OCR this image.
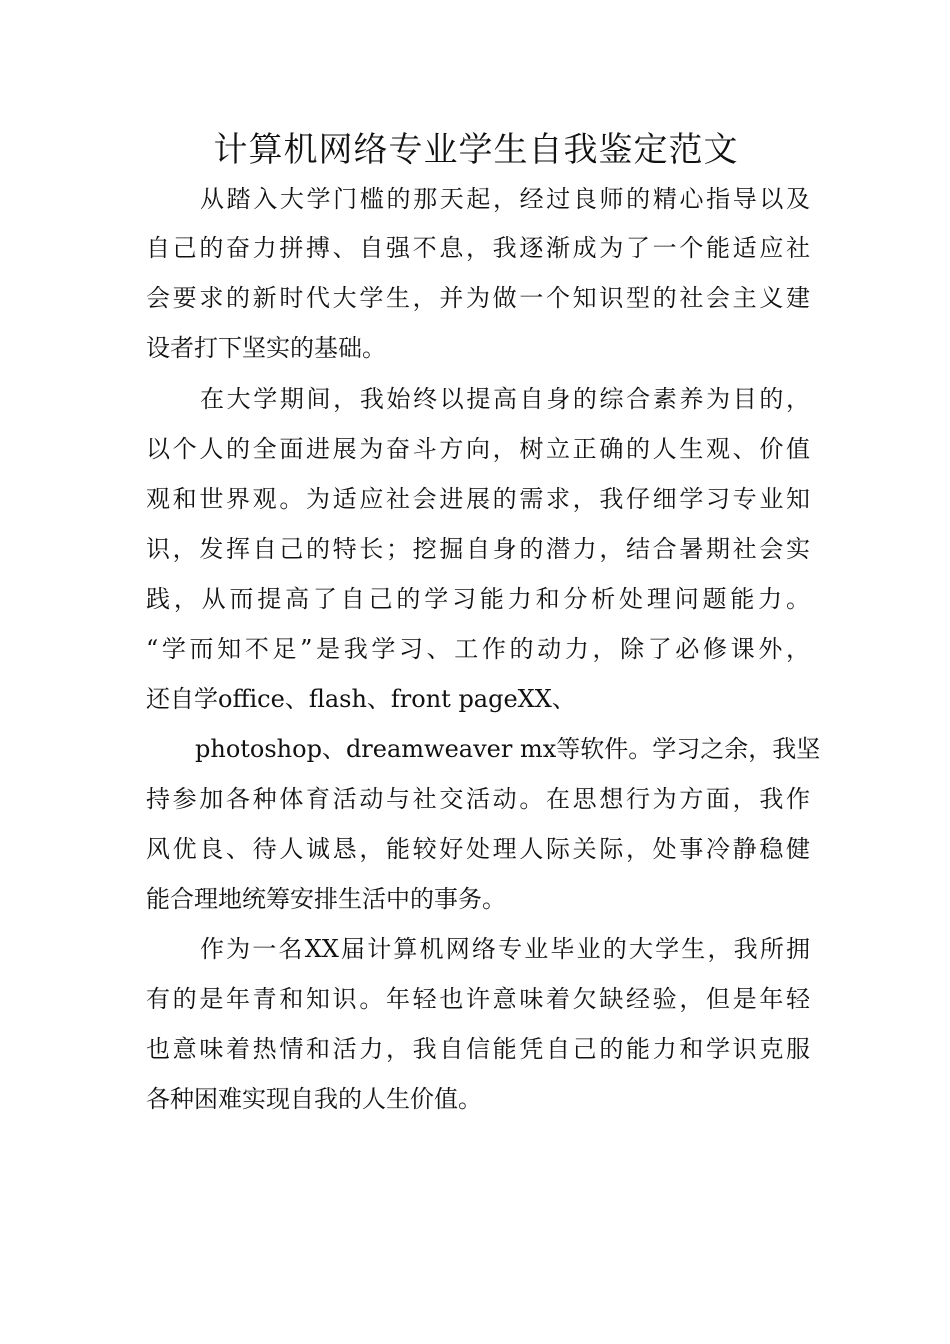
计算机网络专业学生自我鉴定范文

从踏入大学门槛的那天起，经过良师的精心指导以及

自己的奋力拼搏、自强不息，我逐渐成为了一个能适应社

会要求的新时代大学生，并为做一个知识型的社会主义建

设者打下坚实的基础。

在大学期间，我始终以提高自身的综合素养为目的，

以个人的全面进展为奋斗方向，树立正确的人生观、价值

观和世界观。为适应社会进展的需求，我仔细学习专业知

识，发挥自己的特长；挖掘自身的潜力，结合暑期社会实

践，从而提高了自己的学习能力和分析处理问题能力。

“学而知不足”是我学习、工作的动力，除了必修课外，

还自学office、flash、front pageXX、

photoshop、dreamweaver mx等软件。学习之余，我坚

持参加各种体育活动与社交活动。在思想行为方面，我作

风优良、待人诚恳，能较好处理人际关际，处事冷静稳健

能合理地统筹安排生活中的事务。

作为一名XX届计算机网络专业毕业的大学生，我所拥

有的是年青和知识。年轻也许意味着欠缺经验，但是年轻

也意味着热情和活力，我自信能凭自己的能力和学识克服

各种困难实现自我的人生价值。
